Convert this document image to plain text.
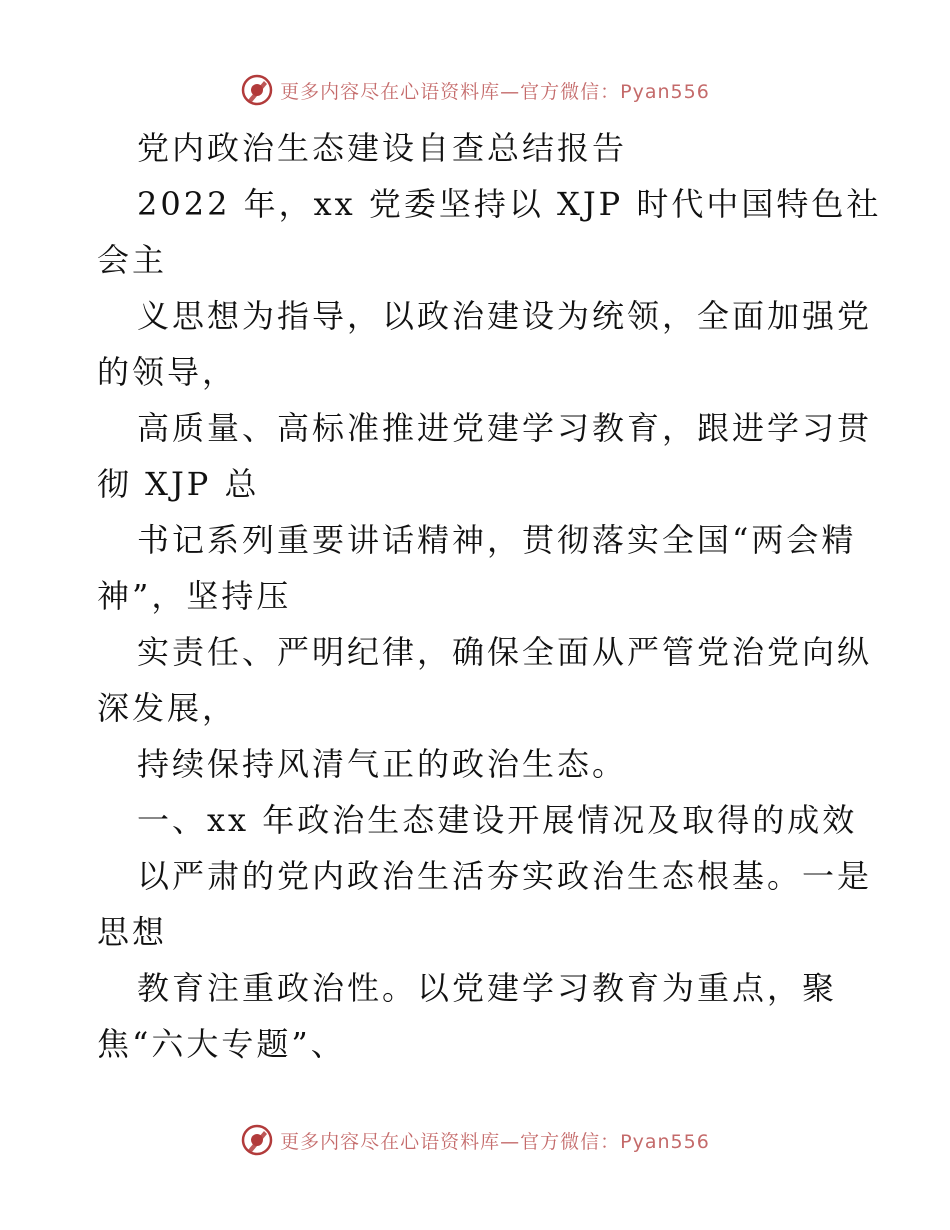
更多内容尽在心语资料库—官方微信：Pyan556
党内政治生态建设自查总结报告
2022 年，xx 党委坚持以 XJP 时代中国特色社
会主
义思想为指导，以政治建设为统领，全面加强党
的领导，
高质量、高标准推进党建学习教育，跟进学习贯
彻 XJP 总
书记系列重要讲话精神，贯彻落实全国“两会精
神”，坚持压
实责任、严明纪律，确保全面从严管党治党向纵
深发展，
持续保持风清气正的政治生态。
一、xx 年政治生态建设开展情况及取得的成效
以严肃的党内政治生活夯实政治生态根基。一是
思想
教育注重政治性。以党建学习教育为重点，聚
焦“六大专题”、
更多内容尽在心语资料库—官方微信：Pyan556
